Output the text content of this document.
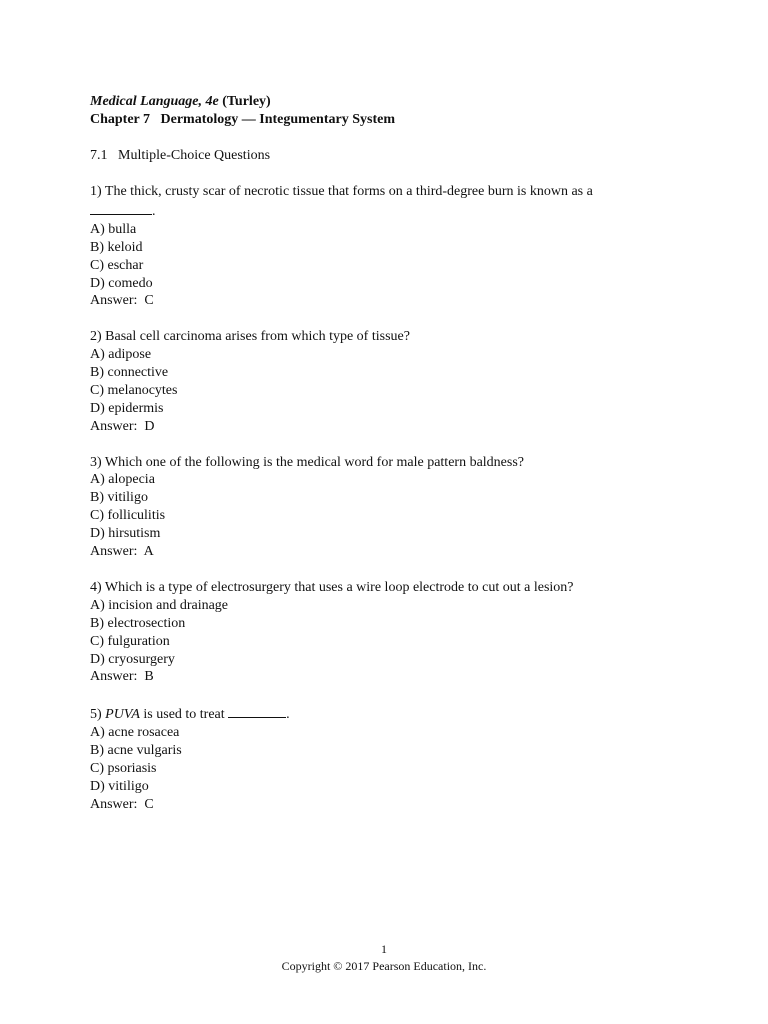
Medical Language, 4e (Turley)
Chapter 7   Dermatology — Integumentary System
7.1 Multiple-Choice Questions
1) The thick, crusty scar of necrotic tissue that forms on a third-degree burn is known as a
.
A) bulla
B) keloid
C) eschar
D) comedo
Answer:  C
2) Basal cell carcinoma arises from which type of tissue?
A) adipose
B) connective
C) melanocytes
D) epidermis
Answer:  D
3) Which one of the following is the medical word for male pattern baldness?
A) alopecia
B) vitiligo
C) folliculitis
D) hirsutism
Answer:  A
4) Which is a type of electrosurgery that uses a wire loop electrode to cut out a lesion?
A) incision and drainage
B) electrosection
C) fulguration
D) cryosurgery
Answer:  B
5) PUVA is used to treat	.
A) acne rosacea
B) acne vulgaris
C) psoriasis
D) vitiligo
Answer:  C
1
Copyright © 2017 Pearson Education, Inc.
